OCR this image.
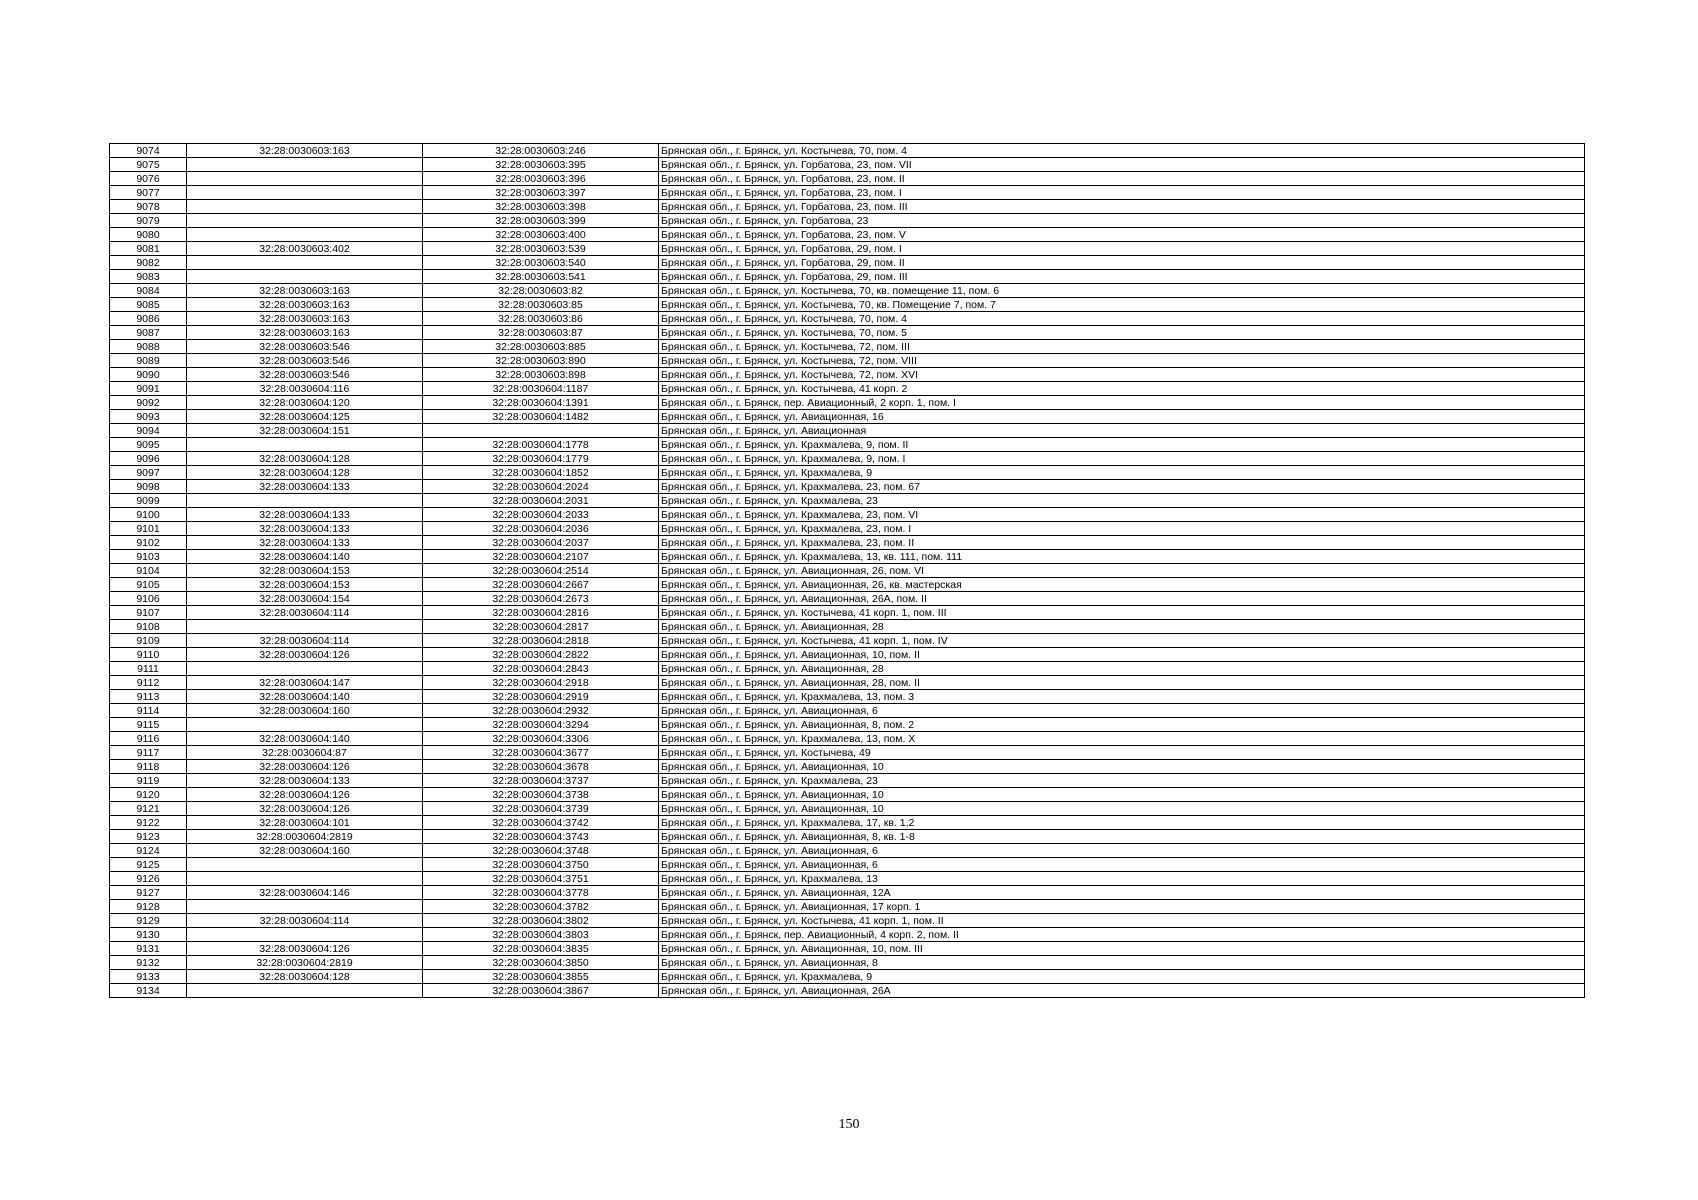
9074	32:28:0030603:163	32:28:0030603:246	Брянская обл., г. Брянск, ул. Костычева, 70, пом. 4
9075		32:28:0030603:395	Брянская обл., г. Брянск, ул. Горбатова, 23, пом. VII
9076		32:28:0030603:396	Брянская обл., г. Брянск, ул. Горбатова, 23, пом. II
9077		32:28:0030603:397	Брянская обл., г. Брянск, ул. Горбатова, 23, пом. I
9078		32:28:0030603:398	Брянская обл., г. Брянск, ул. Горбатова, 23, пом. III
9079		32:28:0030603:399	Брянская обл., г. Брянск, ул. Горбатова, 23
9080		32:28:0030603:400	Брянская обл., г. Брянск, ул. Горбатова, 23, пом. V
9081	32:28:0030603:402	32:28:0030603:539	Брянская обл., г. Брянск, ул. Горбатова, 29, пом. I
9082		32:28:0030603:540	Брянская обл., г. Брянск, ул. Горбатова, 29, пом. II
9083		32:28:0030603:541	Брянская обл., г. Брянск, ул. Горбатова, 29, пом. III
9084	32:28:0030603:163	32:28:0030603:82	Брянская обл., г. Брянск, ул. Костычева, 70, кв. помещение 11, пом. 6
9085	32:28:0030603:163	32:28:0030603:85	Брянская обл., г. Брянск, ул. Костычева, 70, кв. Помещение 7, пом. 7
9086	32:28:0030603:163	32:28:0030603:86	Брянская обл., г. Брянск, ул. Костычева, 70, пом. 4
9087	32:28:0030603:163	32:28:0030603:87	Брянская обл., г. Брянск, ул. Костычева, 70, пом. 5
9088	32:28:0030603:546	32:28:0030603:885	Брянская обл., г. Брянск, ул. Костычева, 72, пом. III
9089	32:28:0030603:546	32:28:0030603:890	Брянская обл., г. Брянск, ул. Костычева, 72, пом. VIII
9090	32:28:0030603:546	32:28:0030603:898	Брянская обл., г. Брянск, ул. Костычева, 72, пом. XVI
9091	32:28:0030604:116	32:28:0030604:1187	Брянская обл., г. Брянск, ул. Костычева, 41 корп. 2
9092	32:28:0030604:120	32:28:0030604:1391	Брянская обл., г. Брянск, пер. Авиационный, 2 корп. 1, пом. I
9093	32:28:0030604:125	32:28:0030604:1482	Брянская обл., г. Брянск, ул. Авиационная, 16
9094	32:28:0030604:151		Брянская обл., г. Брянск, ул. Авиационная
9095		32:28:0030604:1778	Брянская обл., г. Брянск, ул. Крахмалева, 9, пом. II
9096	32:28:0030604:128	32:28:0030604:1779	Брянская обл., г. Брянск, ул. Крахмалева, 9, пом. I
9097	32:28:0030604:128	32:28:0030604:1852	Брянская обл., г. Брянск, ул. Крахмалева, 9
9098	32:28:0030604:133	32:28:0030604:2024	Брянская обл., г. Брянск, ул. Крахмалева, 23, пом. 67
9099		32:28:0030604:2031	Брянская обл., г. Брянск, ул. Крахмалева, 23
9100	32:28:0030604:133	32:28:0030604:2033	Брянская обл., г. Брянск, ул. Крахмалева, 23, пом. VI
9101	32:28:0030604:133	32:28:0030604:2036	Брянская обл., г. Брянск, ул. Крахмалева, 23, пом. I
9102	32:28:0030604:133	32:28:0030604:2037	Брянская обл., г. Брянск, ул. Крахмалева, 23, пом. II
9103	32:28:0030604:140	32:28:0030604:2107	Брянская обл., г. Брянск, ул. Крахмалева, 13, кв. 111, пом. 111
9104	32:28:0030604:153	32:28:0030604:2514	Брянская обл., г. Брянск, ул. Авиационная, 26, пом. VI
9105	32:28:0030604:153	32:28:0030604:2667	Брянская обл., г. Брянск, ул. Авиационная, 26, кв. мастерская
9106	32:28:0030604:154	32:28:0030604:2673	Брянская обл., г. Брянск, ул. Авиационная, 26А, пом. II
9107	32:28:0030604:114	32:28:0030604:2816	Брянская обл., г. Брянск, ул. Костычева, 41 корп. 1, пом. III
9108		32:28:0030604:2817	Брянская обл., г. Брянск, ул. Авиационная, 28
9109	32:28:0030604:114	32:28:0030604:2818	Брянская обл., г. Брянск, ул. Костычева, 41 корп. 1, пом. IV
9110	32:28:0030604:126	32:28:0030604:2822	Брянская обл., г. Брянск, ул. Авиационная, 10, пом. II
9111		32:28:0030604:2843	Брянская обл., г. Брянск, ул. Авиационная, 28
9112	32:28:0030604:147	32:28:0030604:2918	Брянская обл., г. Брянск, ул. Авиационная, 28, пом. II
9113	32:28:0030604:140	32:28:0030604:2919	Брянская обл., г. Брянск, ул. Крахмалева, 13, пом. 3
9114	32:28:0030604:160	32:28:0030604:2932	Брянская обл., г. Брянск, ул. Авиационная, 6
9115		32:28:0030604:3294	Брянская обл., г. Брянск, ул. Авиационная, 8, пом. 2
9116	32:28:0030604:140	32:28:0030604:3306	Брянская обл., г. Брянск, ул. Крахмалева, 13, пом. X
9117	32:28:0030604:87	32:28:0030604:3677	Брянская обл., г. Брянск, ул. Костычева, 49
9118	32:28:0030604:126	32:28:0030604:3678	Брянская обл., г. Брянск, ул. Авиационная, 10
9119	32:28:0030604:133	32:28:0030604:3737	Брянская обл., г. Брянск, ул. Крахмалева, 23
9120	32:28:0030604:126	32:28:0030604:3738	Брянская обл., г. Брянск, ул. Авиационная, 10
9121	32:28:0030604:126	32:28:0030604:3739	Брянская обл., г. Брянск, ул. Авиационная, 10
9122	32:28:0030604:101	32:28:0030604:3742	Брянская обл., г. Брянск, ул. Крахмалева, 17, кв. 1,2
9123	32:28:0030604:2819	32:28:0030604:3743	Брянская обл., г. Брянск, ул. Авиационная, 8, кв. 1-8
9124	32:28:0030604:160	32:28:0030604:3748	Брянская обл., г. Брянск, ул. Авиационная, 6
9125		32:28:0030604:3750	Брянская обл., г. Брянск, ул. Авиационная, 6
9126		32:28:0030604:3751	Брянская обл., г. Брянск, ул. Крахмалева, 13
9127	32:28:0030604:146	32:28:0030604:3778	Брянская обл., г. Брянск, ул. Авиационная, 12А
9128		32:28:0030604:3782	Брянская обл., г. Брянск, ул. Авиационная, 17 корп. 1
9129	32:28:0030604:114	32:28:0030604:3802	Брянская обл., г. Брянск, ул. Костычева, 41 корп. 1, пом. II
9130		32:28:0030604:3803	Брянская обл., г. Брянск, пер. Авиационный, 4 корп. 2, пом. II
9131	32:28:0030604:126	32:28:0030604:3835	Брянская обл., г. Брянск, ул. Авиационная, 10, пом. III
9132	32:28:0030604:2819	32:28:0030604:3850	Брянская обл., г. Брянск, ул. Авиационная, 8
9133	32:28:0030604:128	32:28:0030604:3855	Брянская обл., г. Брянск, ул. Крахмалева, 9
9134		32:28:0030604:3867	Брянская обл., г. Брянск, ул. Авиационная, 26А
150
